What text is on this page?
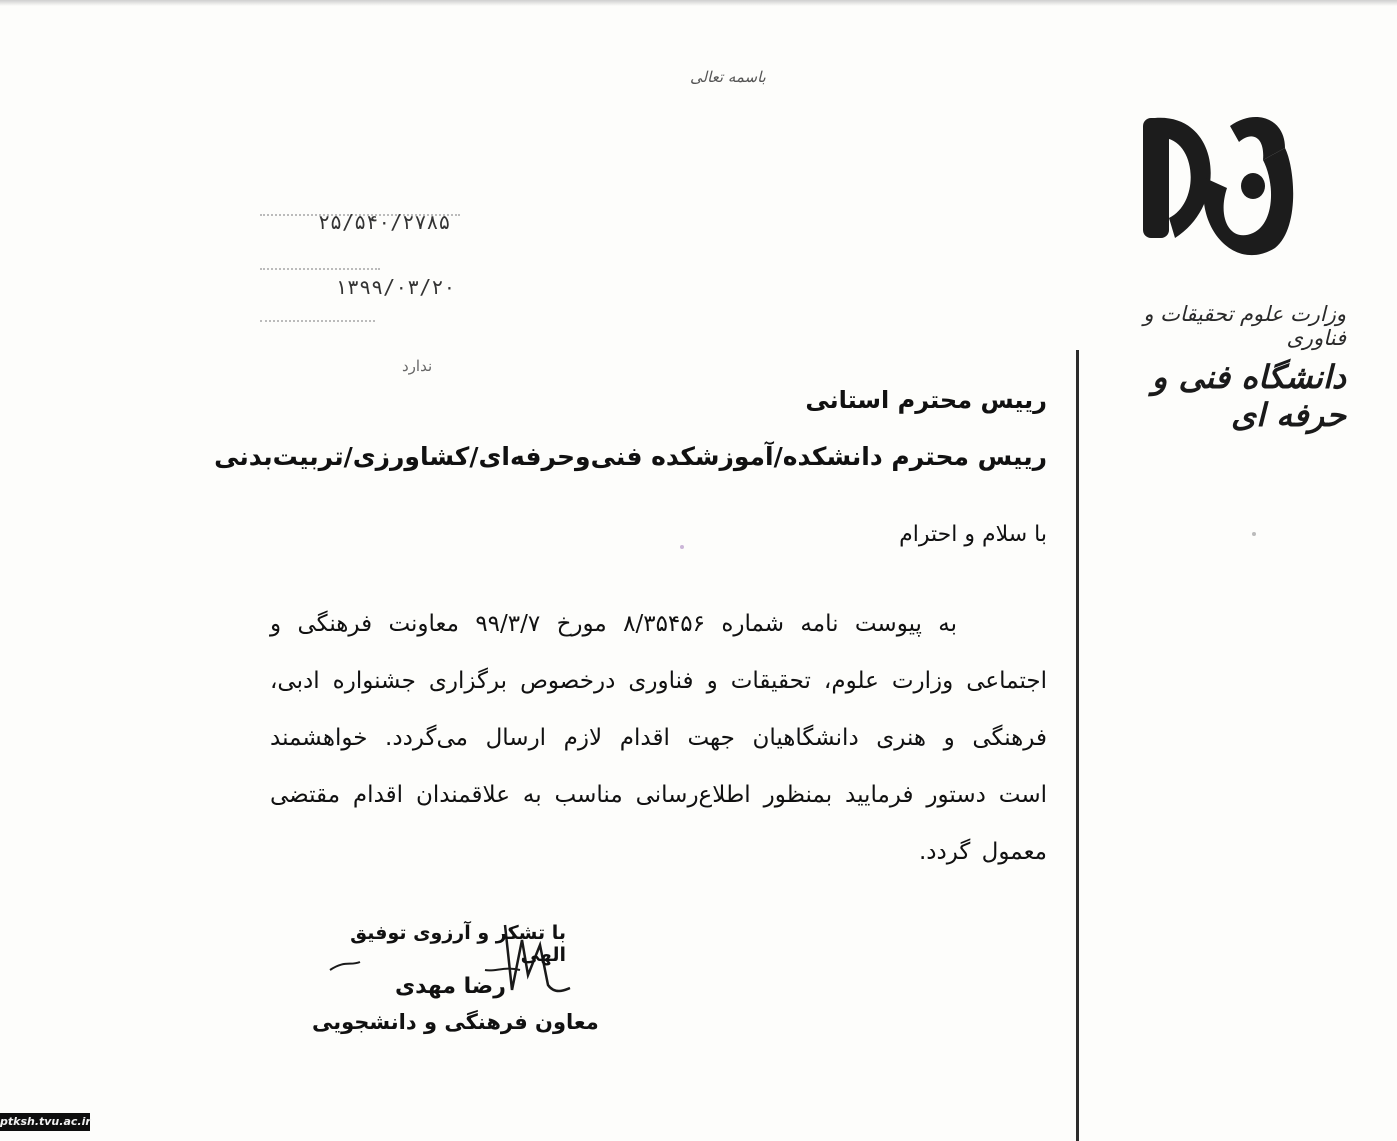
باسمه تعالی
وزارت علوم تحقیقات و فناوری
دانشگاه فنی و حرفه ای
۲۵/۵۴۰/۲۷۸۵
۱۳۹۹/۰۳/۲۰
ندارد
رییس محترم استانی
رییس محترم دانشکده/آموزشکده فنی‌وحرفه‌ای/کشاورزی/تربیت‌بدنی
با سلام و احترام
به پیوست نامه شماره ۸/۳۵۴۵۶ مورخ ۹۹/۳/۷ معاونت فرهنگی و اجتماعی وزارت علوم، تحقیقات و فناوری درخصوص برگزاری جشنواره ادبی، فرهنگی و هنری دانشگاهیان جهت اقدام لازم ارسال می‌گردد. خواهشمند است دستور فرمایید بمنظور اطلاع‌رسانی مناسب به علاقمندان اقدام مقتضی معمول گردد.
با تشکر و آرزوی توفیق الهی
رضا مهدی
معاون فرهنگی و دانشجویی
ptksh.tvu.ac.ir
